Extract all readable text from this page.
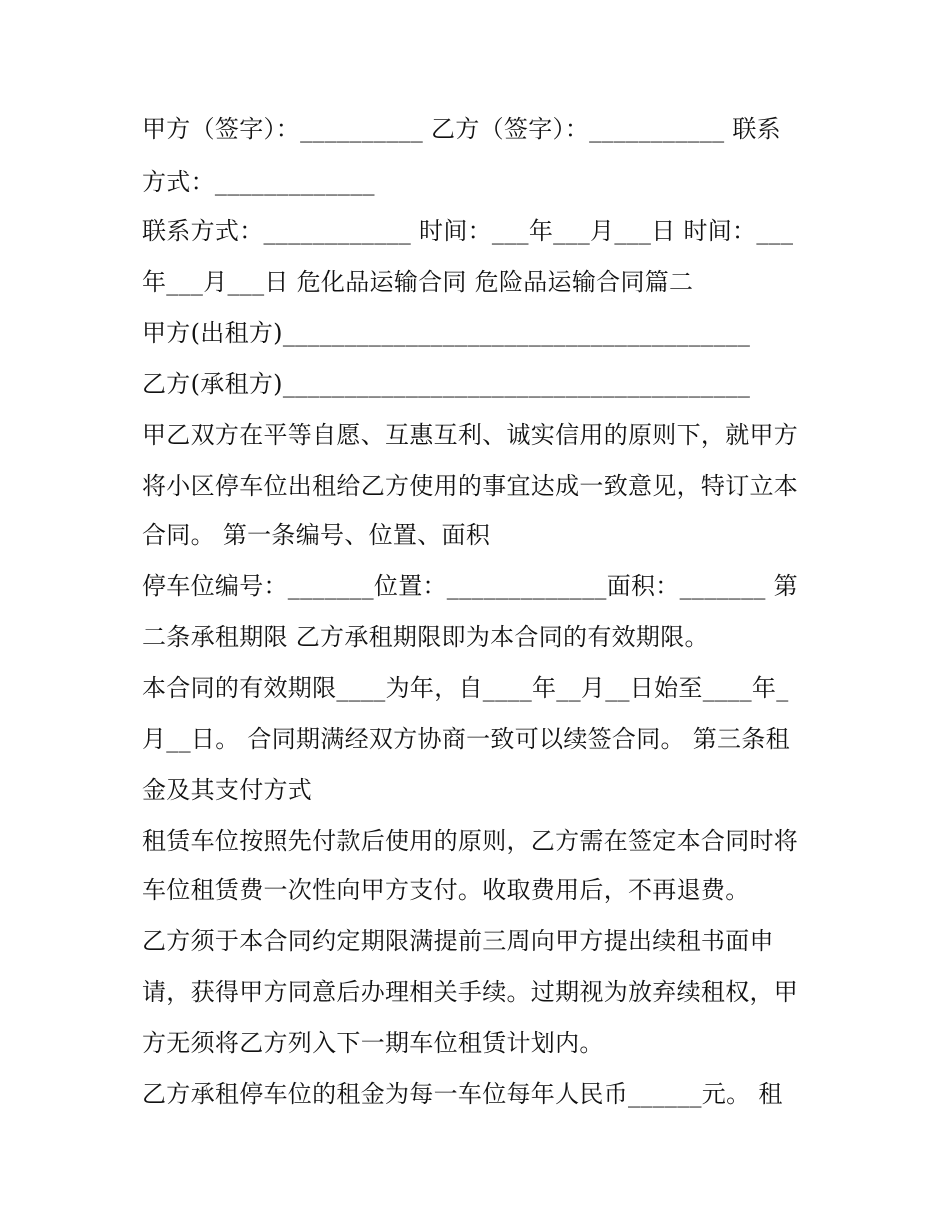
甲方（签字）：__________ 乙方（签字）：___________ 联系
方式：_____________
联系方式：____________ 时间：___年___月___日 时间：___
年___月___日 危化品运输合同 危险品运输合同篇二
甲方(出租方)______________________________________
乙方(承租方)______________________________________
甲乙双方在平等自愿、互惠互利、诚实信用的原则下，就甲方
将小区停车位出租给乙方使用的事宜达成一致意见，特订立本
合同。 第一条编号、位置、面积
停车位编号：_______位置：_____________面积：_______ 第
二条承租期限 乙方承租期限即为本合同的有效期限。
本合同的有效期限____为年，自____年__月__日始至____年_
月__日。 合同期满经双方协商一致可以续签合同。 第三条租
金及其支付方式
租赁车位按照先付款后使用的原则，乙方需在签定本合同时将
车位租赁费一次性向甲方支付。收取费用后，不再退费。
乙方须于本合同约定期限满提前三周向甲方提出续租书面申
请，获得甲方同意后办理相关手续。过期视为放弃续租权，甲
方无须将乙方列入下一期车位租赁计划内。
乙方承租停车位的租金为每一车位每年人民币______元。 租
